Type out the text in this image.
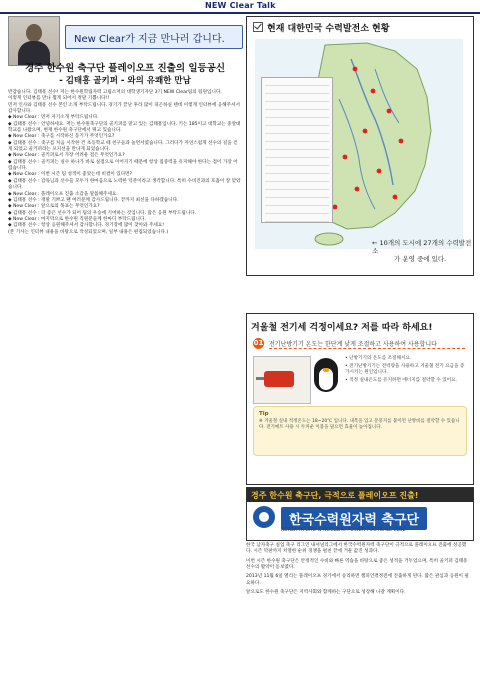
NEW Clear Talk
New Clear가 지금 만나러 갑니다.
경주 한수원 축구단 플레이오프 진출의 일등공신
- 김태흥 골키퍼 - 와의 유쾌한 만남

반갑습니다. 김태흥 선수! 저는 한수원학림자력 고립소저의 대학생기자단 3기 NEW Clear팀의 팀원입니다.

이렇게 인터뷰를 만나 뵙게 되어서 정말 기쁩니다!!

먼저 인사와 김태흥 선수 본인 소개 부탁드립니다. 경기가 끝난 후라 많이 피곤하실 텐데 이렇게 인터뷰에 응해주셔서 감사합니다.

◆ New Clear : 먼저 자기소개 부탁드립니다.

◆ 김태흥 선수 : 안녕하세요. 저는 한수원축구단의 골키퍼를 맡고 있는 김태흥입니다. 키는 185이고 대학교는 중앙대학교를 나왔으며, 현재 한수원 축구단에서 뛰고 있습니다.

◆ New Clear : 축구를 시작하신 동기가 무엇인가요?

◆ 김태흥 선수 : 축구를 처음 시작한 건 초등학교 때 친구들과 놀면서였습니다. 그러다가 자연스럽게 선수의 길을 걷게 되었고 골키퍼라는 포지션을 만나게 되었습니다.

◆ New Clear : 골키퍼로서 가장 어려운 점은 무엇인가요?

◆ 김태흥 선수 : 골키퍼는 실수 하나가 바로 실점으로 이어지기 때문에 항상 집중력을 유지해야 한다는 점이 가장 어렵습니다.

◆ New Clear : 이번 시즌 팀 성적이 좋았는데 비결이 있다면?

◆ 김태흥 선수 : 감독님과 선수들 모두가 한마음으로 노력한 덕분이라고 생각합니다. 특히 수비진과의 호흡이 잘 맞았습니다.

◆ New Clear : 플레이오프 진출 소감을 말씀해주세요.

◆ 김태흥 선수 : 정말 기쁘고 팬 여러분께 감사드립니다. 끝까지 최선을 다하겠습니다.

◆ New Clear : 앞으로의 목표는 무엇인가요?

◆ 김태흥 선수 : 더 좋은 선수가 되어 팀의 우승에 기여하는 것입니다. 많은 응원 부탁드립니다.

◆ New Clear : 마지막으로 한수원 직원분들께 한마디 부탁드립니다.

◆ 김태흥 선수 : 항상 응원해주셔서 감사합니다. 경기장에 많이 찾아와 주세요!

(본 기사는 인터뷰 내용을 바탕으로 작성되었으며, 일부 내용은 편집되었습니다.)

현재 대한민국 수력발전소 현황
← 10개의 도시에 27개의 수력발전소
가 운영 중에 있다.
겨울철 전기세 걱정이세요? 저를 따라 하세요!
01 전기난방기기 온도는 한단계 낮게 조절하고 사용하여 사용합니다
• 난방기기의 온도를 조절해서요.
• 전기난방기기는 전력량을 사용하고 겨울철 전기 요금을 증가시키는 원인입니다.
• 적정 실내온도를 유지하면 에너지를 절약할 수 있어요.
Tip
※ 겨울철 실내 적정온도는 18~20℃ 입니다. 내복을 입고 문풍지를 붙이면 난방비를 절약할 수 있습니다. 전기매트 사용 시 두꺼운 이불을 덮으면 효율이 높아집니다.
경주 한수원 축구단, 극적으로 플레이오프 진출!
한국수력원자력 축구단
KOREA HYDRO & NUCLEAR POWER FOOTBALL CLUB

한국 남자축구 실업 축구 리그인 내셔널리그에서 한국수력원자력 축구단이 극적으로 플레이오프 진출에 성공했다. 시즌 막판까지 치열한 순위 경쟁을 펼친 끝에 거둔 값진 성과다.

이번 시즌 한수원 축구단은 안정적인 수비와 빠른 역습을 바탕으로 좋은 성적을 거두었으며, 특히 골키퍼 김태흥 선수의 활약이 돋보였다.

2013년 11월 6일 열리는 플레이오프 경기에서 승리하면 챔피언결정전에 진출하게 된다. 많은 관심과 응원이 필요하다.

앞으로도 한수원 축구단은 지역사회와 함께하는 구단으로 성장해 나갈 계획이다.
